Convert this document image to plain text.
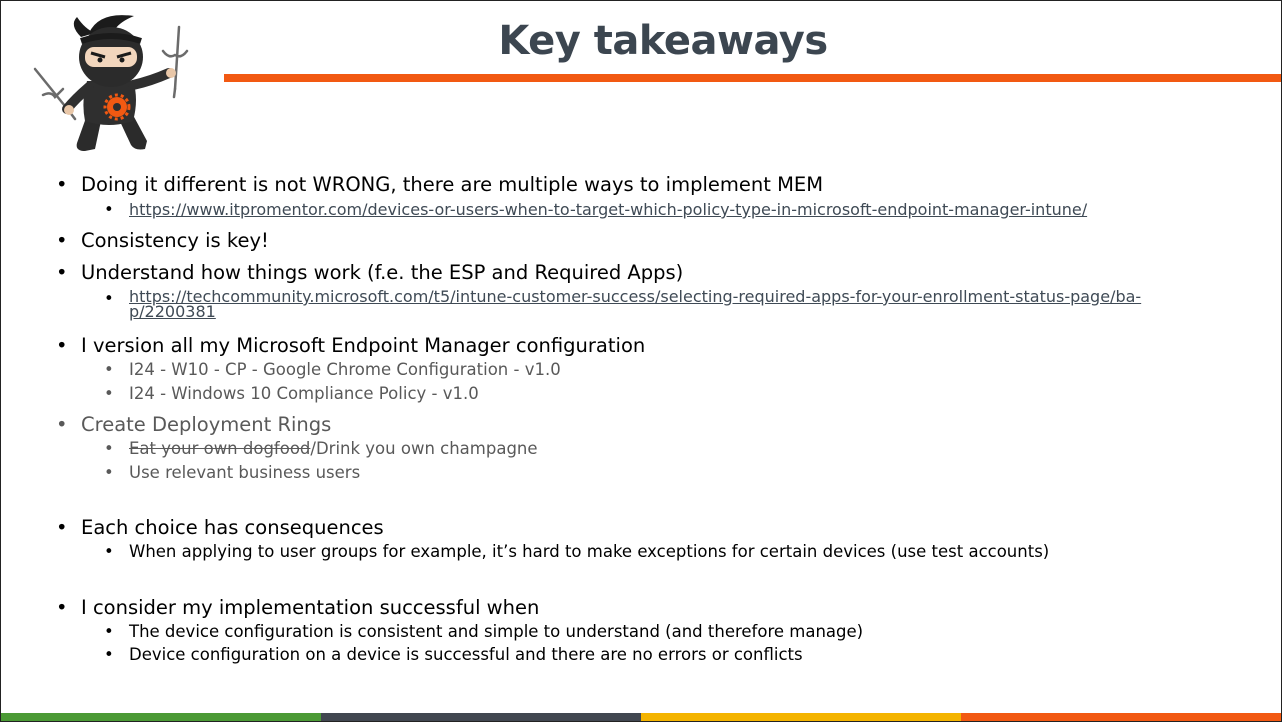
Key takeaways
• Doing it different is not WRONG, there are multiple ways to implement MEM
• https://www.itpromentor.com/devices-or-users-when-to-target-which-policy-type-in-microsoft-endpoint-manager-intune/
• Consistency is key!
• Understand how things work (f.e. the ESP and Required Apps)
• https://techcommunity.microsoft.com/t5/intune-customer-success/selecting-required-apps-for-your-enrollment-status-page/ba-
p/2200381
• I version all my Microsoft Endpoint Manager configuration
• I24 - W10 - CP - Google Chrome Configuration - v1.0
• I24 - Windows 10 Compliance Policy - v1.0
• Create Deployment Rings
• Eat your own dogfood/Drink you own champagne
• Use relevant business users
• Each choice has consequences
• When applying to user groups for example, it’s hard to make exceptions for certain devices (use test accounts)
• I consider my implementation successful when
• The device configuration is consistent and simple to understand (and therefore manage)
• Device configuration on a device is successful and there are no errors or conflicts
